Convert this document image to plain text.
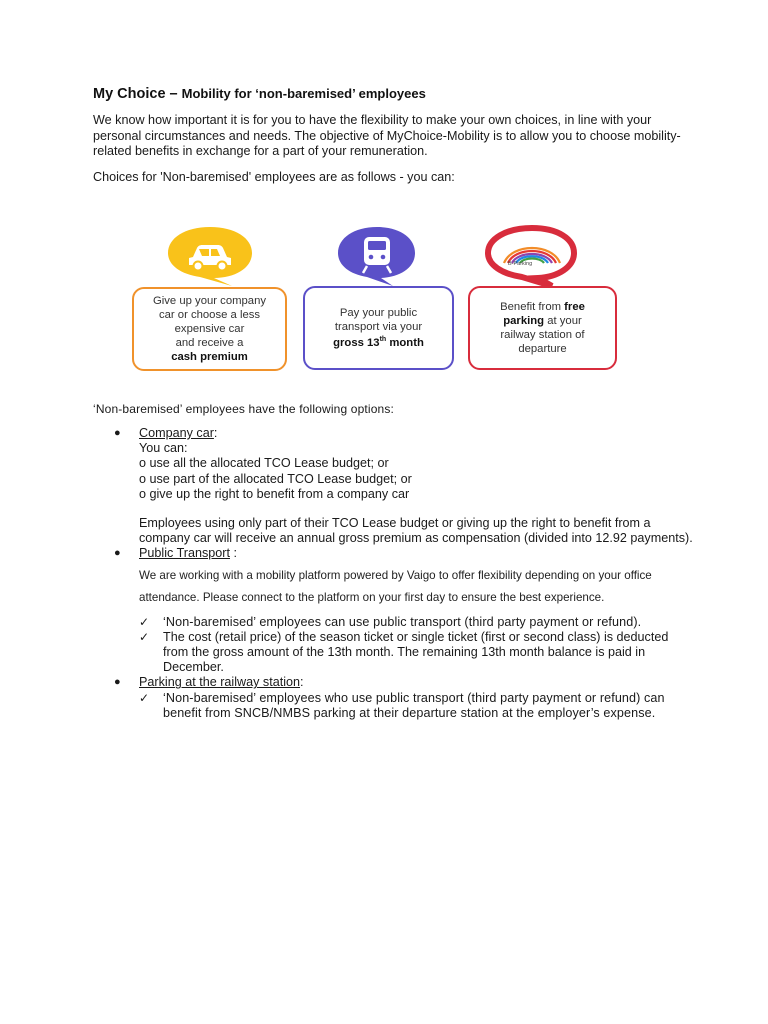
My Choice – Mobility for ‘non-baremised’ employees
We know how important it is for you to have the flexibility to make your own choices, in line with your personal circumstances and needs. The objective of MyChoice-Mobility is to allow you to choose mobility-related benefits in exchange for a part of your remuneration.
Choices for 'Non-baremised' employees are as follows - you can:
B-Parking
Give up your company
car or choose a less
expensive car
and receive a
cash premium
Pay your public
transport via your
gross 13th month
Benefit from free
parking at your
railway station of
departure
‘Non-baremised’ employees have the following options:
● Company car:
You can:
o use all the allocated TCO Lease budget; or
o use part of the allocated TCO Lease budget; or
o give up the right to benefit from a company car
Employees using only part of their TCO Lease budget or giving up the right to benefit from a company car will receive an annual gross premium as compensation (divided into 12.92 payments).
● Public Transport :
We are working with a mobility platform powered by Vaigo to offer flexibility depending on your office attendance. Please connect to the platform on your first day to ensure the best experience.
✓ ‘Non-baremised’ employees can use public transport (third party payment or refund).
✓ The cost (retail price) of the season ticket or single ticket (first or second class) is deducted from the gross amount of the 13th month. The remaining 13th month balance is paid in December.
● Parking at the railway station:
✓ ‘Non-baremised’ employees who use public transport (third party payment or refund) can benefit from SNCB/NMBS parking at their departure station at the employer’s expense.
